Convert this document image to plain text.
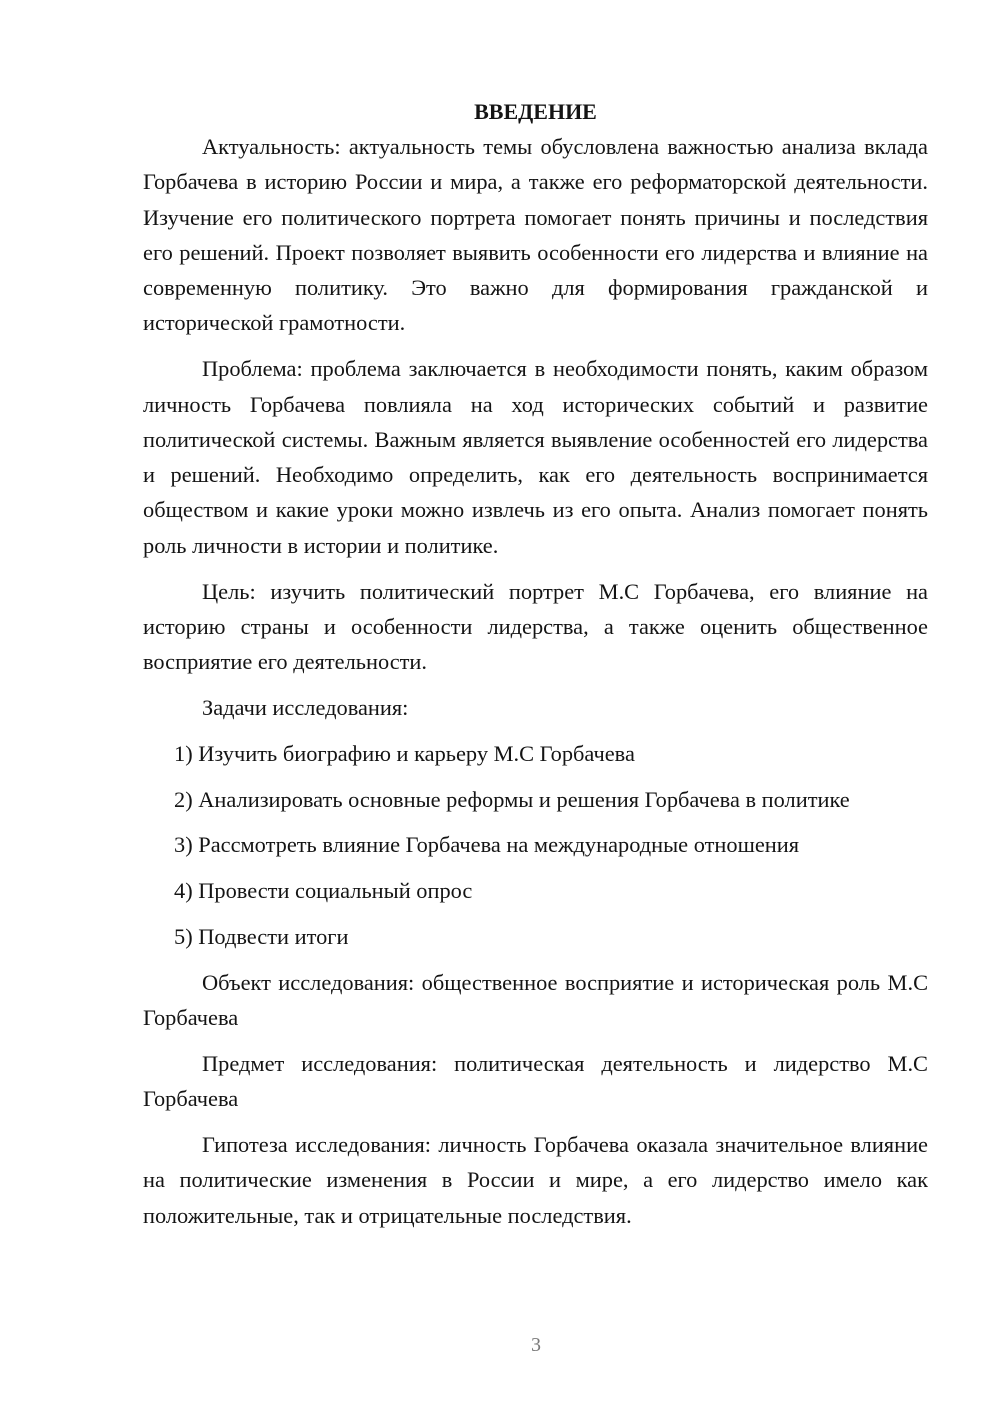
ВВЕДЕНИЕ

Актуальность: актуальность темы обусловлена важностью анализа вклада Горбачева в историю России и мира, а также его реформаторской деятельности. Изучение его политического портрета помогает понять причины и последствия его решений. Проект позволяет выявить особенности его лидерства и влияние на современную политику. Это важно для формирования гражданской и исторической грамотности.

Проблема: проблема заключается в необходимости понять, каким образом личность Горбачева повлияла на ход исторических событий и развитие политической системы. Важным является выявление особенностей его лидерства и решений. Необходимо определить, как его деятельность воспринимается обществом и какие уроки можно извлечь из его опыта. Анализ помогает понять роль личности в истории и политике.

Цель: изучить политический портрет М.С Горбачева, его влияние на историю страны и особенности лидерства, а также оценить общественное восприятие его деятельности.

Задачи исследования:

1) Изучить биографию и карьеру М.С Горбачева

2) Анализировать основные реформы и решения Горбачева в политике

3) Рассмотреть влияние Горбачева на международные отношения

4) Провести социальный опрос

5) Подвести итоги

Объект исследования: общественное восприятие и историческая роль М.С Горбачева

Предмет исследования: политическая деятельность и лидерство М.С Горбачева

Гипотеза исследования: личность Горбачева оказала значительное влияние на политические изменения в России и мире, а его лидерство имело как положительные, так и отрицательные последствия.

3
